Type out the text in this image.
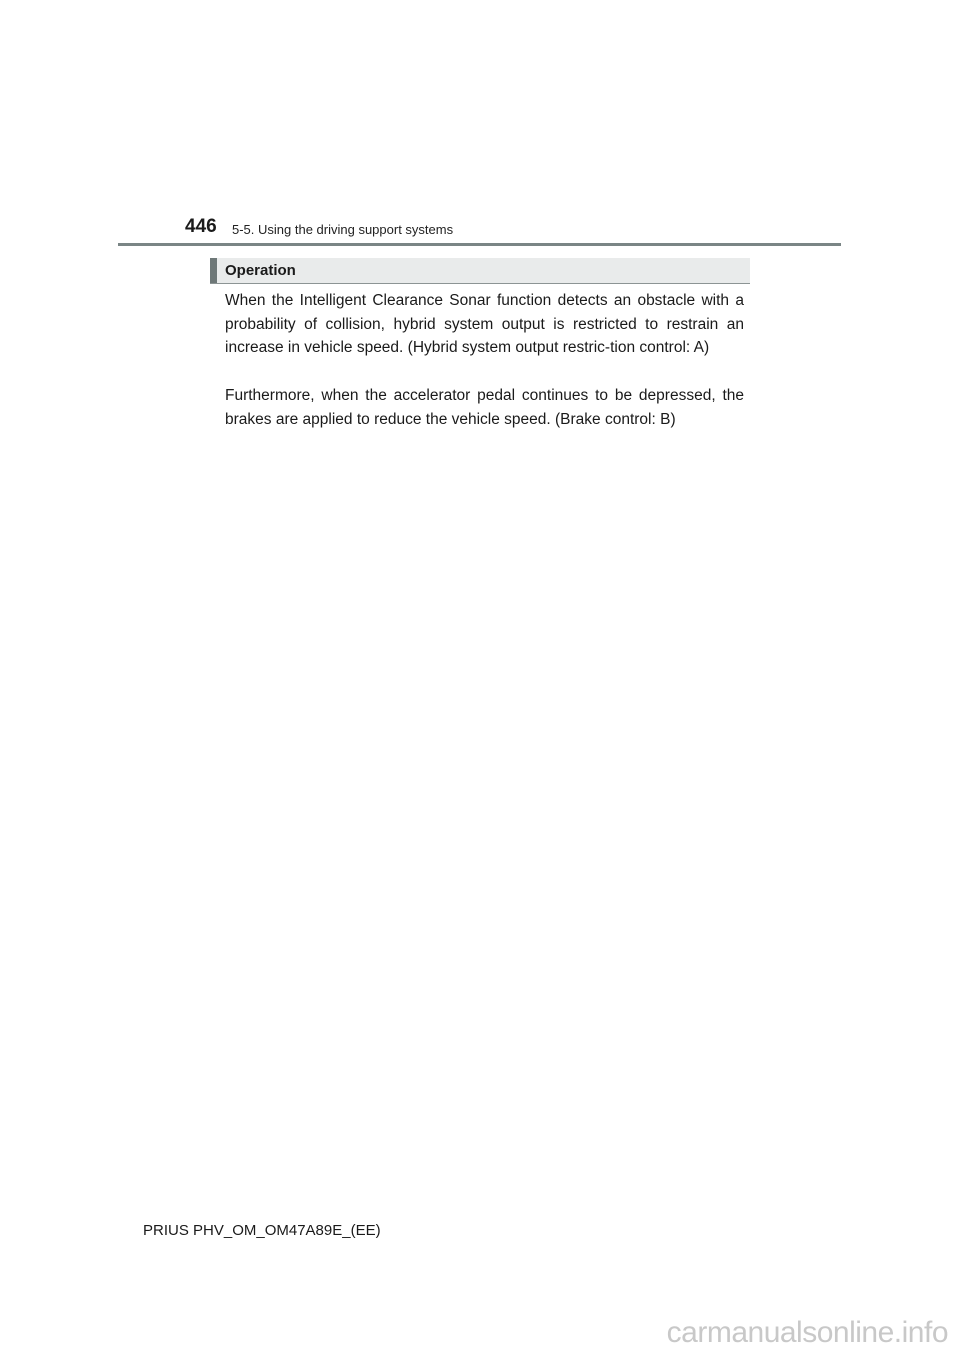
446 5-5. Using the driving support systems
Operation

When the Intelligent Clearance Sonar function detects an obstacle with a probability of collision, hybrid system output is restricted to restrain an increase in vehicle speed. (Hybrid system output restric-tion control: A)

Furthermore, when the accelerator pedal continues to be depressed, the brakes are applied to reduce the vehicle speed. (Brake control: B)

PRIUS PHV_OM_OM47A89E_(EE)
carmanualsonline.info
